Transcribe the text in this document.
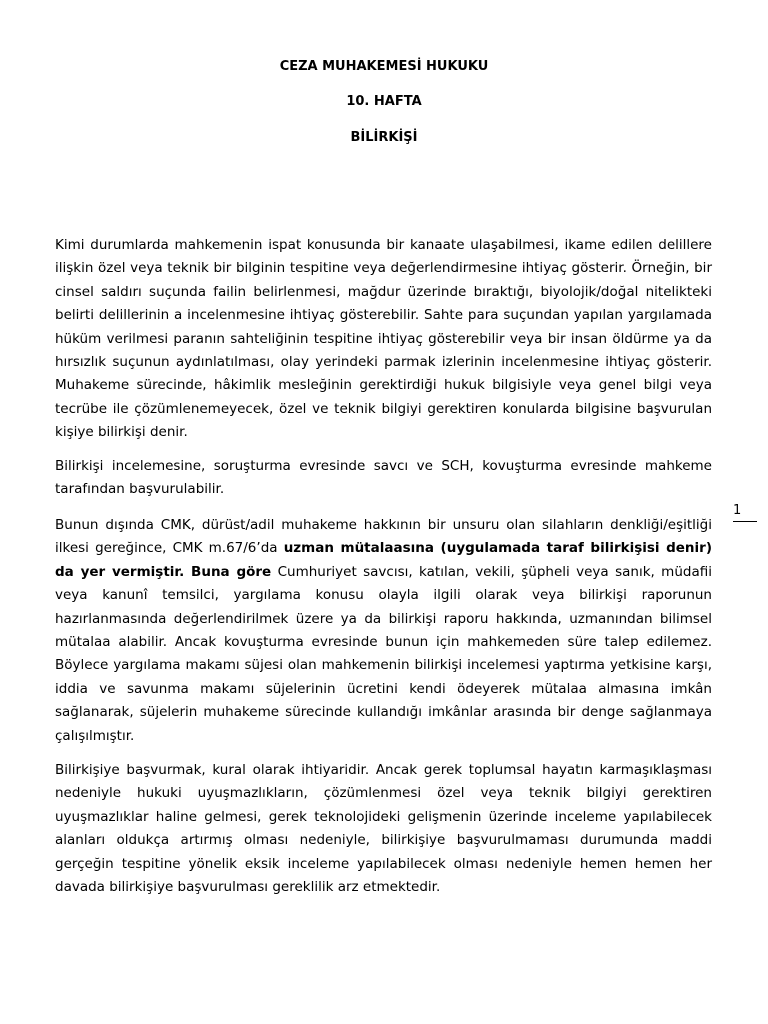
CEZA MUHAKEMESİ HUKUKU
10. HAFTA
BİLİRKİŞİ

Kimi durumlarda mahkemenin ispat konusunda bir kanaate ulaşabilmesi, ikame edilen delillere ilişkin özel veya teknik bir bilginin tespitine veya değerlendirmesine ihtiyaç gösterir. Örneğin, bir cinsel saldırı suçunda failin belirlenmesi, mağdur üzerinde bıraktığı, biyolojik/doğal nitelikteki belirti delillerinin a incelenmesine ihtiyaç gösterebilir. Sahte para suçundan yapılan yargılamada hüküm verilmesi paranın sahteliğinin tespitine ihtiyaç gösterebilir veya bir insan öldürme ya da hırsızlık suçunun aydınlatılması, olay yerindeki parmak izlerinin incelenmesine ihtiyaç gösterir. Muhakeme sürecinde, hâkimlik mesleğinin gerektirdiği hukuk bilgisiyle veya genel bilgi veya tecrübe ile çözümlenemeyecek, özel ve teknik bilgiyi gerektiren konularda bilgisine başvurulan kişiye bilirkişi denir.

Bilirkişi incelemesine, soruşturma evresinde savcı ve SCH, kovuşturma evresinde mahkeme tarafından başvurulabilir.

Bunun dışında CMK, dürüst/adil muhakeme hakkının bir unsuru olan silahların denkliği/eşitliği ilkesi gereğince, CMK m.67/6’da uzman mütalaasına (uygulamada taraf bilirkişisi denir) da yer vermiştir. Buna göre Cumhuriyet savcısı, katılan, vekili, şüpheli veya sanık, müdafii veya kanunî temsilci, yargılama konusu olayla ilgili olarak veya bilirkişi raporunun hazırlanmasında değerlendirilmek üzere ya da bilirkişi raporu hakkında, uzmanından bilimsel mütalaa alabilir. Ancak kovuşturma evresinde bunun için mahkemeden süre talep edilemez. Böylece yargılama makamı süjesi olan mahkemenin bilirkişi incelemesi yaptırma yetkisine karşı, iddia ve savunma makamı süjelerinin ücretini kendi ödeyerek mütalaa almasına imkân sağlanarak, süjelerin muhakeme sürecinde kullandığı imkânlar arasında bir denge sağlanmaya çalışılmıştır.

Bilirkişiye başvurmak, kural olarak ihtiyaridir. Ancak gerek toplumsal hayatın karmaşıklaşması nedeniyle hukuki uyuşmazlıkların, çözümlenmesi özel veya teknik bilgiyi gerektiren uyuşmazlıklar haline gelmesi, gerek teknolojideki gelişmenin üzerinde inceleme yapılabilecek alanları oldukça artırmış olması nedeniyle, bilirkişiye başvurulmaması durumunda maddi gerçeğin tespitine yönelik eksik inceleme yapılabilecek olması nedeniyle hemen hemen her davada bilirkişiye başvurulması gereklilik arz etmektedir.

1
